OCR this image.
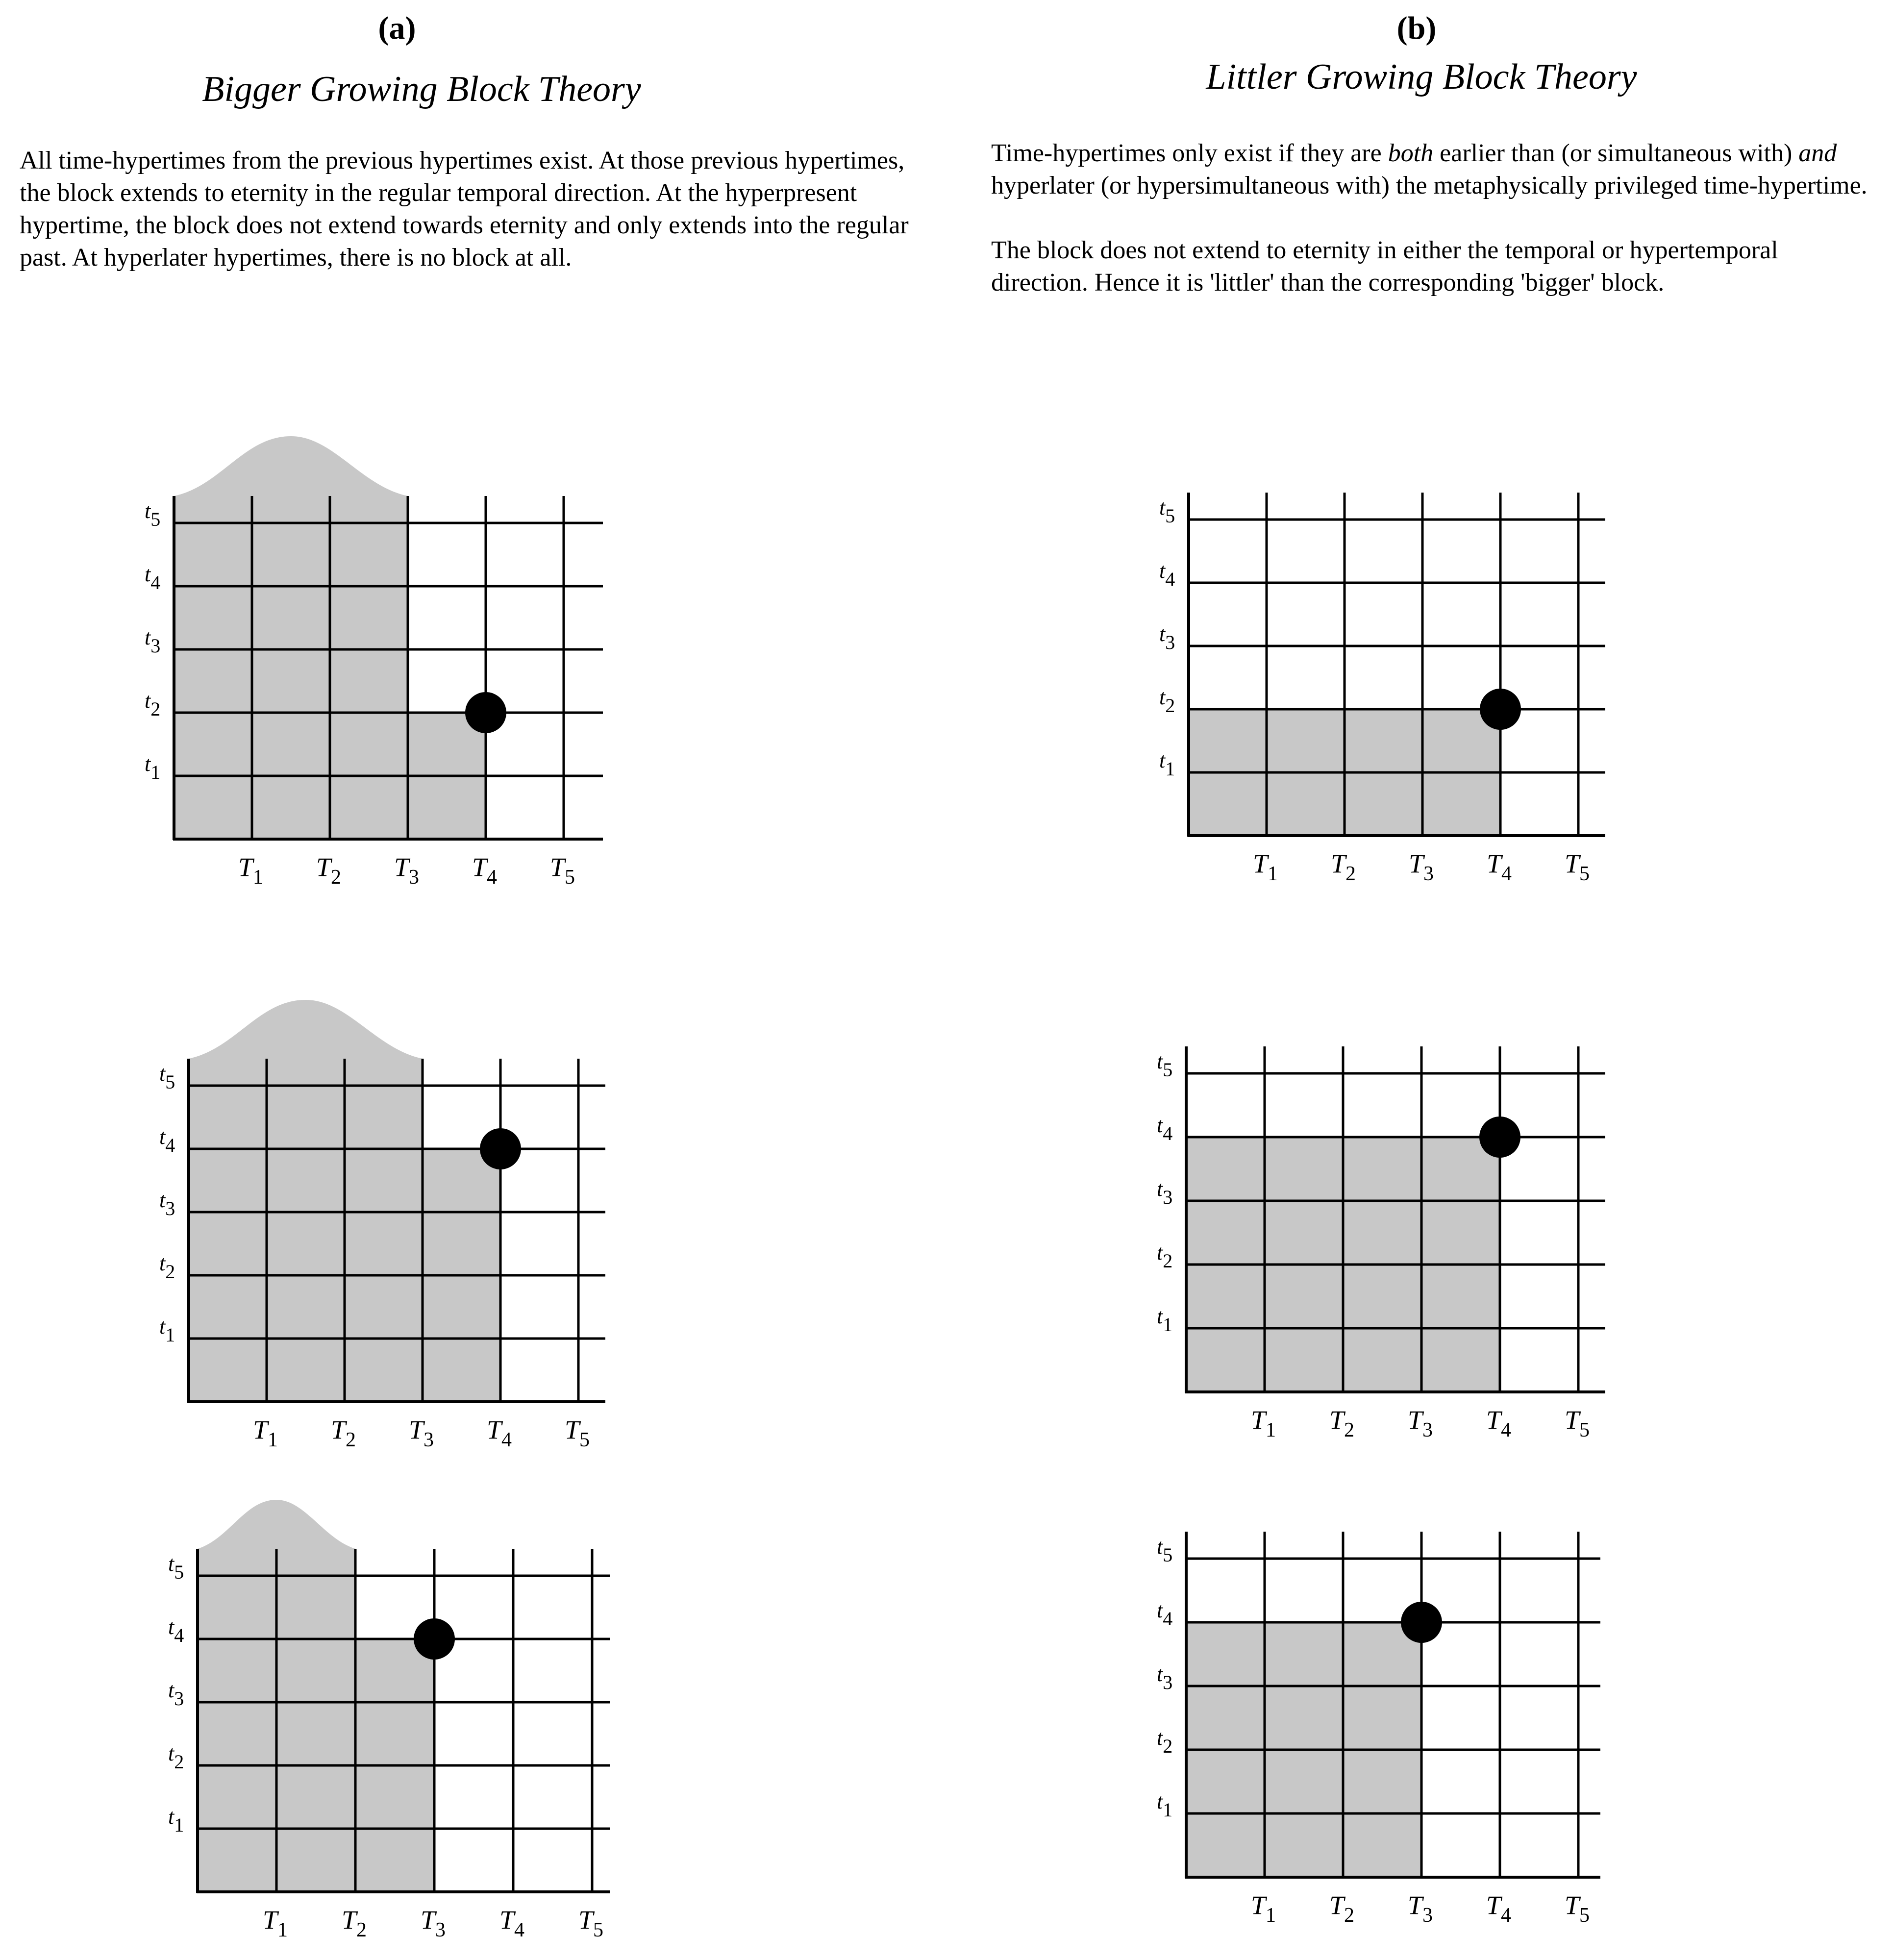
(a)
Bigger Growing Block Theory

All time-hypertimes from the previous hypertimes exist. At those previous hypertimes, the block extends to eternity in the regular temporal direction. At the hyperpresent hypertime, the block does not extend towards eternity and only extends into the regular past. At hyperlater hypertimes, there is no block at all.

(b)
Littler Growing Block Theory

Time-hypertimes only exist if they are both earlier than (or simultaneous with) and hyperlater (or hypersimultaneous with) the metaphysically privileged time-hypertime.

The block does not extend to eternity in either the temporal or hypertemporal direction. Hence it is 'littler' than the corresponding 'bigger' block.

$T_1$ $T_2$ $T_3$ $T_4$ $T_5$
t1
t2
t3
t4
t5
$T_1$ $T_2$ $T_3$ $T_4$ $T_5$
t1
t2
t3
t4
t5
$T_1$ $T_2$ $T_3$ $T_4$ $T_5$
t1
t2
t3
t4
t5
$T_1$ $T_2$ $T_3$ $T_4$ $T_5$
t1
t2
t3
t4
t5
$T_1$ $T_2$ $T_3$ $T_4$ $T_5$
t1
t2
t3
t4
t5
$T_1$ $T_2$ $T_3$ $T_4$ $T_5$
t1
t2
t3
t4
t5
